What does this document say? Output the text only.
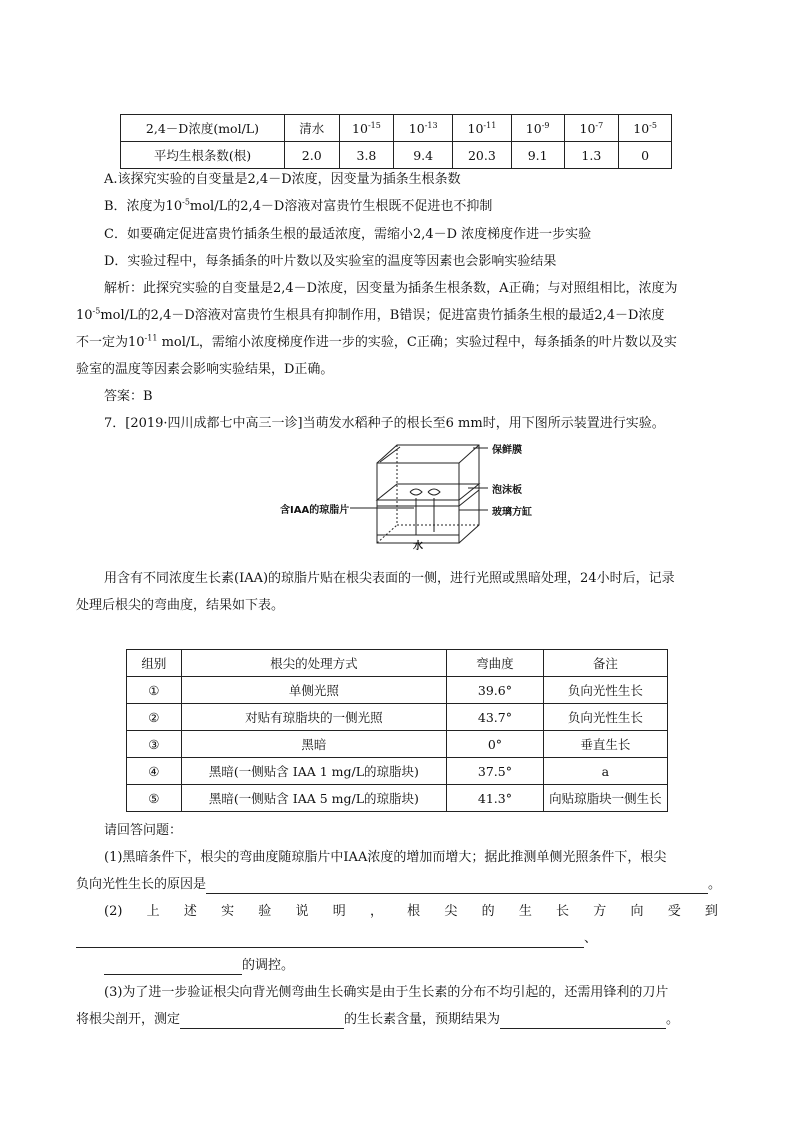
2,4－D浓度(mol/L)	清水	$10^{-15}$	$10^{-13}$	$10^{-11}$	$10^{-9}$	$10^{-7}$	$10^{-5}$
平均生根条数(根)	2.0	3.8	9.4	20.3	9.1	1.3	0
A.该探究实验的自变量是2,4－D浓度，因变量为插条生根条数
B．浓度为$10^{-5}mol/L$的2,4－D溶液对富贵竹生根既不促进也不抑制
C．如要确定促进富贵竹插条生根的最适浓度，需缩小2,4－D 浓度梯度作进一步实验
D．实验过程中，每条插条的叶片数以及实验室的温度等因素也会影响实验结果
解析：此探究实验的自变量是2,4－D浓度，因变量为插条生根条数，A正确；与对照组相比，浓度为
$10^{-5}mol/L$的2,4－D溶液对富贵竹生根具有抑制作用，B错误；促进富贵竹插条生根的最适2,4－D浓度
不一定为$10^{-11}$ mol/L，需缩小浓度梯度作进一步的实验，C正确；实验过程中，每条插条的叶片数以及实
验室的温度等因素会影响实验结果，D正确。
答案：B
7．[2019·四川成都七中高三一诊]当萌发水稻种子的根长至6 mm时，用下图所示装置进行实验。
保鲜膜
泡沫板
玻璃方缸
含IAA的琼脂片
水
用含有不同浓度生长素(IAA)的琼脂片贴在根尖表面的一侧，进行光照或黑暗处理，24小时后，记录
处理后根尖的弯曲度，结果如下表。
组别	根尖的处理方式	弯曲度	备注
①	单侧光照	39.6°	负向光性生长
②	对贴有琼脂块的一侧光照	43.7°	负向光性生长
③	黑暗	0°	垂直生长
④	黑暗(一侧贴含 IAA 1 mg/L的琼脂块)	37.5°	a
⑤	黑暗(一侧贴含 IAA 5 mg/L的琼脂块)	41.3°	向贴琼脂块一侧生长
请回答问题：
(1)黑暗条件下，根尖的弯曲度随琼脂片中IAA浓度的增加而增大；据此推测单侧光照条件下，根尖
负向光性生长的原因是	。
(2) 上 述 实 验 说 明 ， 根 尖 的 生 长 方 向 受 到
、
的调控。
(3)为了进一步验证根尖向背光侧弯曲生长确实是由于生长素的分布不均引起的，还需用锋利的刀片
将根尖剖开，测定	的生长素含量，预期结果为	。
